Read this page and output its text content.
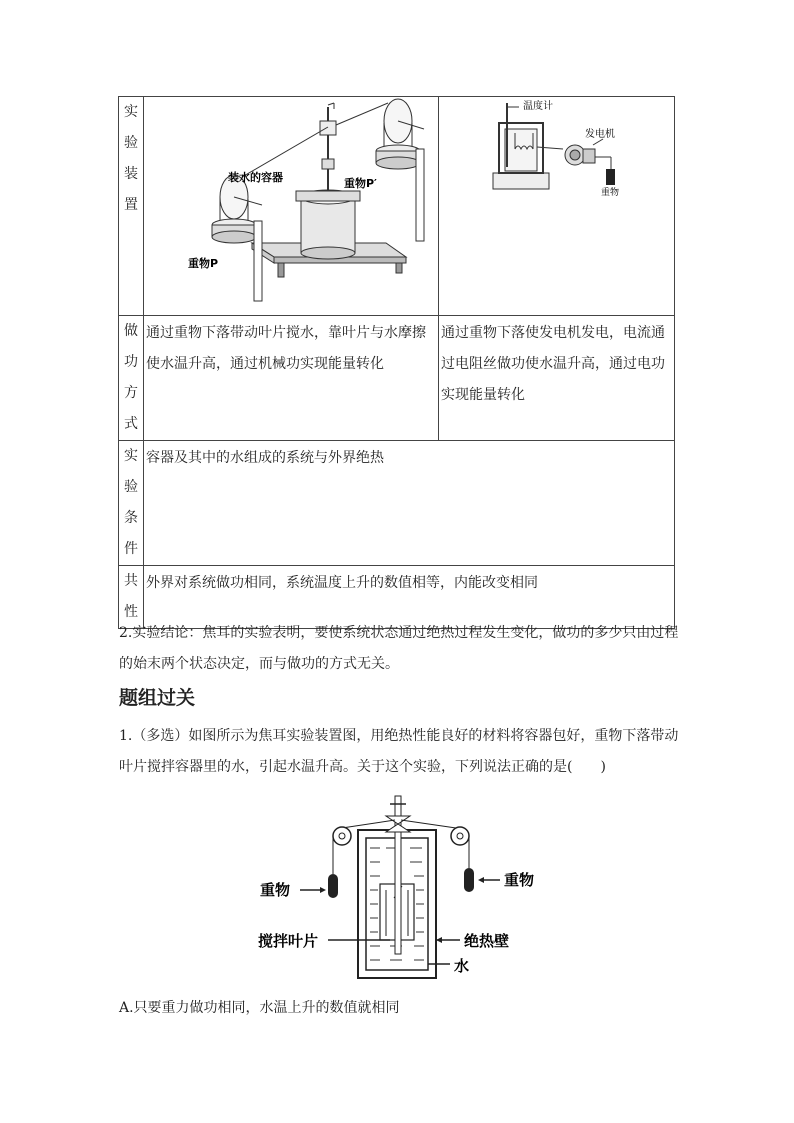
实
验
装
置	装水的容器 重物P′
重物P	温度计
发电机
重物

做
功
方
式	通过重物下落带动叶片搅水，靠叶片与水摩擦使水温升高，通过机械功实现能量转化	通过重物下落使发电机发电，电流通过电阻丝做功使水温升高，通过电功实现能量转化

实
验
条
件	容器及其中的水组成的系统与外界绝热	

共
性	外界对系统做功相同，系统温度上升的数值相等，内能改变相同	

2.实验结论：焦耳的实验表明，要使系统状态通过绝热过程发生变化，做功的多少只由过程的始末两个状态决定，而与做功的方式无关。

题组过关

1.（多选）如图所示为焦耳实验装置图，用绝热性能良好的材料将容器包好，重物下落带动叶片搅拌容器里的水，引起水温升高。关于这个实验，下列说法正确的是(　　)

重物
重物
搅拌叶片	绝热壁
水

A.只要重力做功相同，水温上升的数值就相同
